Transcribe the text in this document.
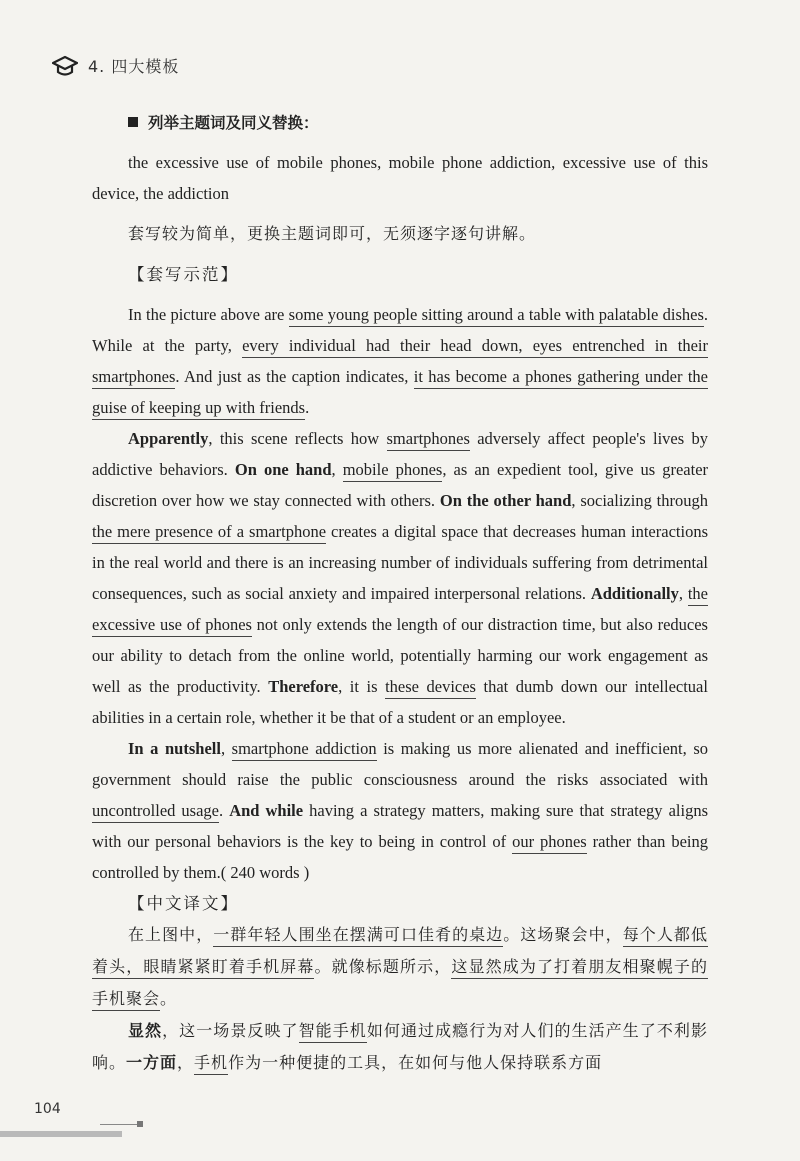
4. 四大模板

列举主题词及同义替换：

the excessive use of mobile phones, mobile phone addiction, excessive use of this device, the addiction

套写较为简单，更换主题词即可，无须逐字逐句讲解。

【套写示范】

In the picture above are some young people sitting around a table with palatable dishes. While at the party, every individual had their head down, eyes entrenched in their smartphones. And just as the caption indicates, it has become a phones gathering under the guise of keeping up with friends.

Apparently, this scene reflects how smartphones adversely affect people's lives by addictive behaviors. On one hand, mobile phones, as an expedient tool, give us greater discretion over how we stay connected with others. On the other hand, socializing through the mere presence of a smartphone creates a digital space that decreases human interactions in the real world and there is an increasing number of individuals suffering from detrimental consequences, such as social anxiety and impaired interpersonal relations. Additionally, the excessive use of phones not only extends the length of our distraction time, but also reduces our ability to detach from the online world, potentially harming our work engagement as well as the productivity. Therefore, it is these devices that dumb down our intellectual abilities in a certain role, whether it be that of a student or an employee.

In a nutshell, smartphone addiction is making us more alienated and inefficient, so government should raise the public consciousness around the risks associated with uncontrolled usage. And while having a strategy matters, making sure that strategy aligns with our personal behaviors is the key to being in control of our phones rather than being controlled by them.( 240 words )

【中文译文】

在上图中，一群年轻人围坐在摆满可口佳肴的桌边。这场聚会中，每个人都低着头，眼睛紧紧盯着手机屏幕。就像标题所示，这显然成为了打着朋友相聚幌子的手机聚会。

显然，这一场景反映了智能手机如何通过成瘾行为对人们的生活产生了不利影响。一方面，手机作为一种便捷的工具，在如何与他人保持联系方面

104
